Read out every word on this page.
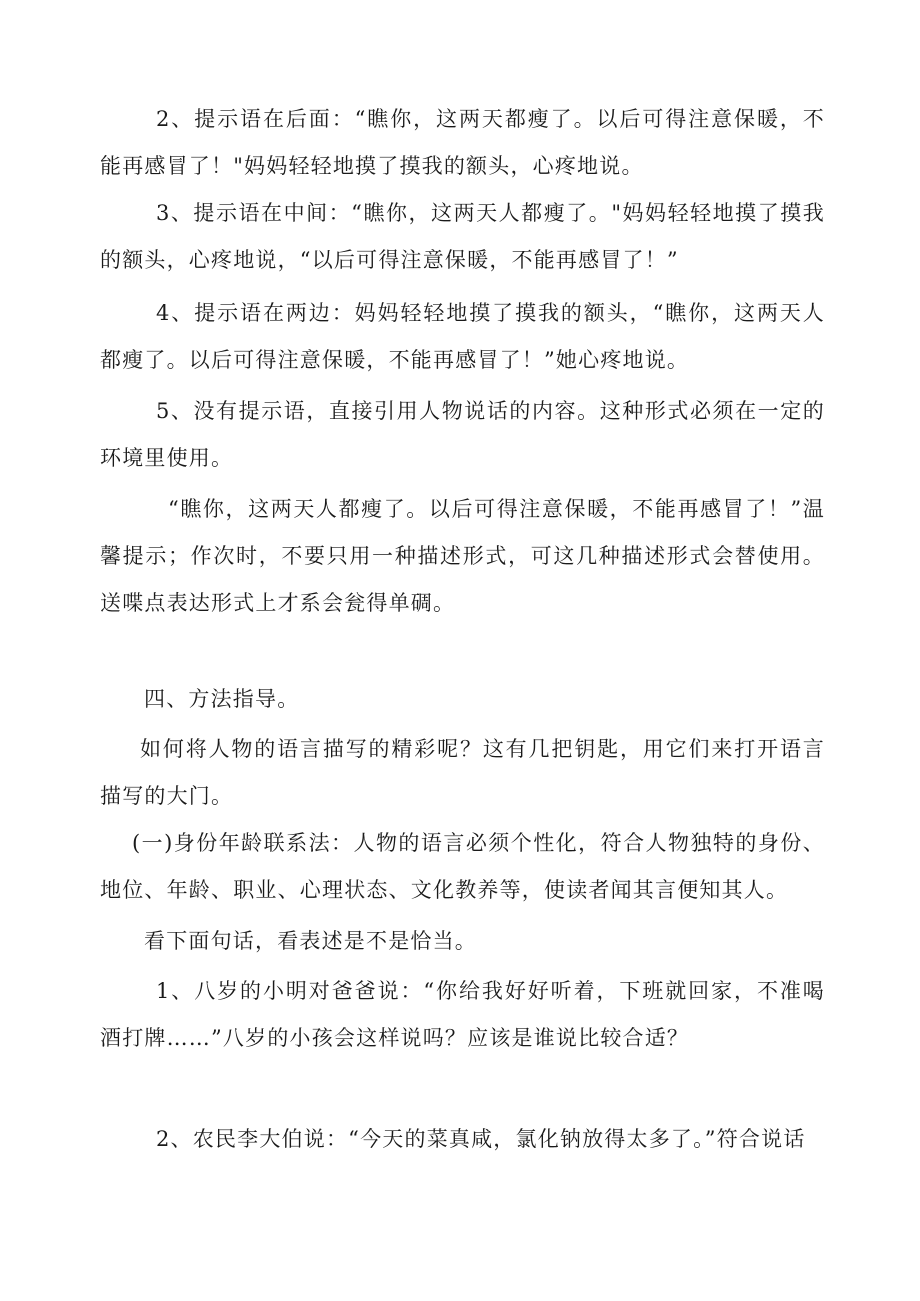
2、提示语在后面：“瞧你，这两天都瘦了。以后可得注意保暖，不能再感冒了！"妈妈轻轻地摸了摸我的额头，心疼地说。

3、提示语在中间：“瞧你，这两天人都瘦了。"妈妈轻轻地摸了摸我的额头，心疼地说，“以后可得注意保暖，不能再感冒了！”

4、提示语在两边：妈妈轻轻地摸了摸我的额头，“瞧你，这两天人都瘦了。以后可得注意保暖，不能再感冒了！”她心疼地说。

5、没有提示语，直接引用人物说话的内容。这种形式必须在一定的环境里使用。

“瞧你，这两天人都瘦了。以后可得注意保暖，不能再感冒了！”温馨提示；作次时，不要只用一种描述形式，可这几种描述形式会替使用。送喋点表达形式上才系会瓮得单碉。

四、方法指导。

如何将人物的语言描写的精彩呢？这有几把钥匙，用它们来打开语言描写的大门。

(一)身份年龄联系法：人物的语言必须个性化，符合人物独特的身份、地位、年龄、职业、心理状态、文化教养等，使读者闻其言便知其人。

看下面句话，看表述是不是恰当。

1、八岁的小明对爸爸说：“你给我好好听着，下班就回家，不准喝酒打牌……”八岁的小孩会这样说吗？应该是谁说比较合适？

2、农民李大伯说：“今天的菜真咸，氯化钠放得太多了。”符合说话
